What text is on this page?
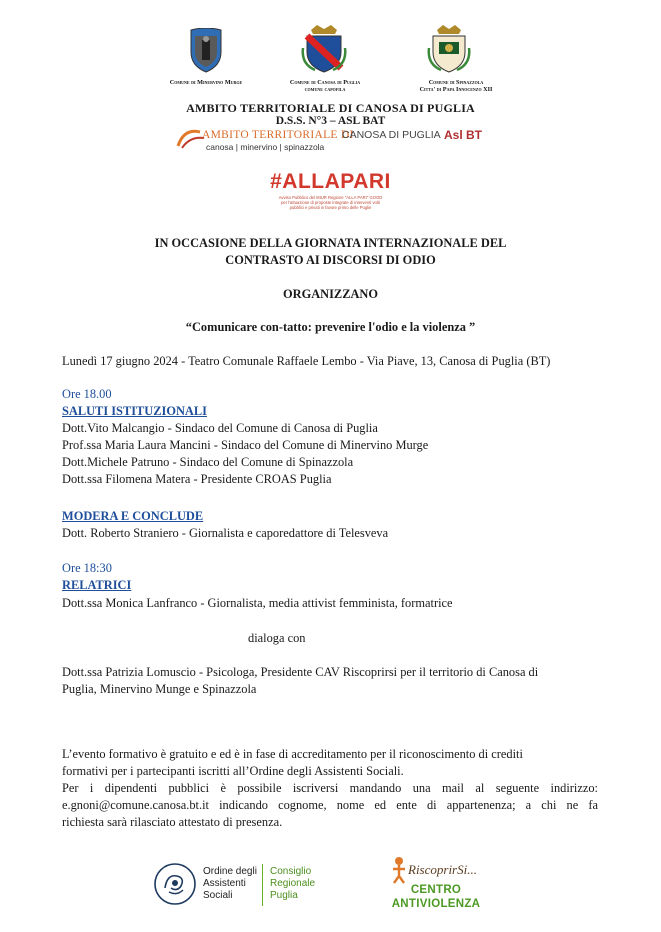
Comune di Minervino Murge	Comune di Canosa di Puglia
comune capofila
Comune di Spinazzola
Citta' di Papa Innocenzo XII
AMBITO TERRITORIALE DI CANOSA DI PUGLIA
D.S.S. N°3 – ASL BAT
AMBITO TERRITORIALE DI
CANOSA DI PUGLIA
canosa | minervino | spinazzola
Asl BT
#ALLAPARI
Avviso Pubblico del MIUR Regione "ALLA PARI" GOOD
per l'attuazione di proposte integrate di interventi volti
pubblici e privati in favore primo delle Puglie
IN OCCASIONE DELLA GIORNATA INTERNAZIONALE DEL CONTRASTO AI DISCORSI DI ODIO
ORGANIZZANO
“Comunicare con-tatto: prevenire l'odio e la violenza ”
Lunedì 17 giugno 2024 - Teatro Comunale Raffaele Lembo - Via Piave, 13, Canosa di Puglia (BT)
Ore 18.00
SALUTI ISTITUZIONALI
Dott.Vito Malcangio - Sindaco del Comune di Canosa di Puglia
Prof.ssa Maria Laura Mancini - Sindaco del Comune di Minervino Murge
Dott.Michele Patruno - Sindaco del Comune di Spinazzola
Dott.ssa Filomena Matera - Presidente CROAS Puglia
MODERA E CONCLUDE
Dott. Roberto Straniero - Giornalista e caporedattore di Telesveva
Ore 18:30
RELATRICI
Dott.ssa Monica Lanfranco - Giornalista, media attivist femminista, formatrice
dialoga con
Dott.ssa Patrizia Lomuscio - Psicologa, Presidente CAV Riscoprirsi per il territorio di Canosa di
Puglia, Minervino Munge e Spinazzola
L’evento formativo è gratuito e ed è in fase di accreditamento per il riconoscimento di crediti
formativi per i partecipanti iscritti all’Ordine degli Assistenti Sociali.
Per i dipendenti pubblici è possibile iscriversi mandando una mail al seguente indirizzo:
e.gnoni@comune.canosa.bt.it indicando cognome, nome ed ente di appartenenza; a chi ne fa
richiesta sarà rilasciato attestato di presenza.
Ordine degli
Assistenti
Sociali
Consiglio
Regionale
Puglia
RiscoprirSi...
CENTRO
ANTIVIOLENZA
